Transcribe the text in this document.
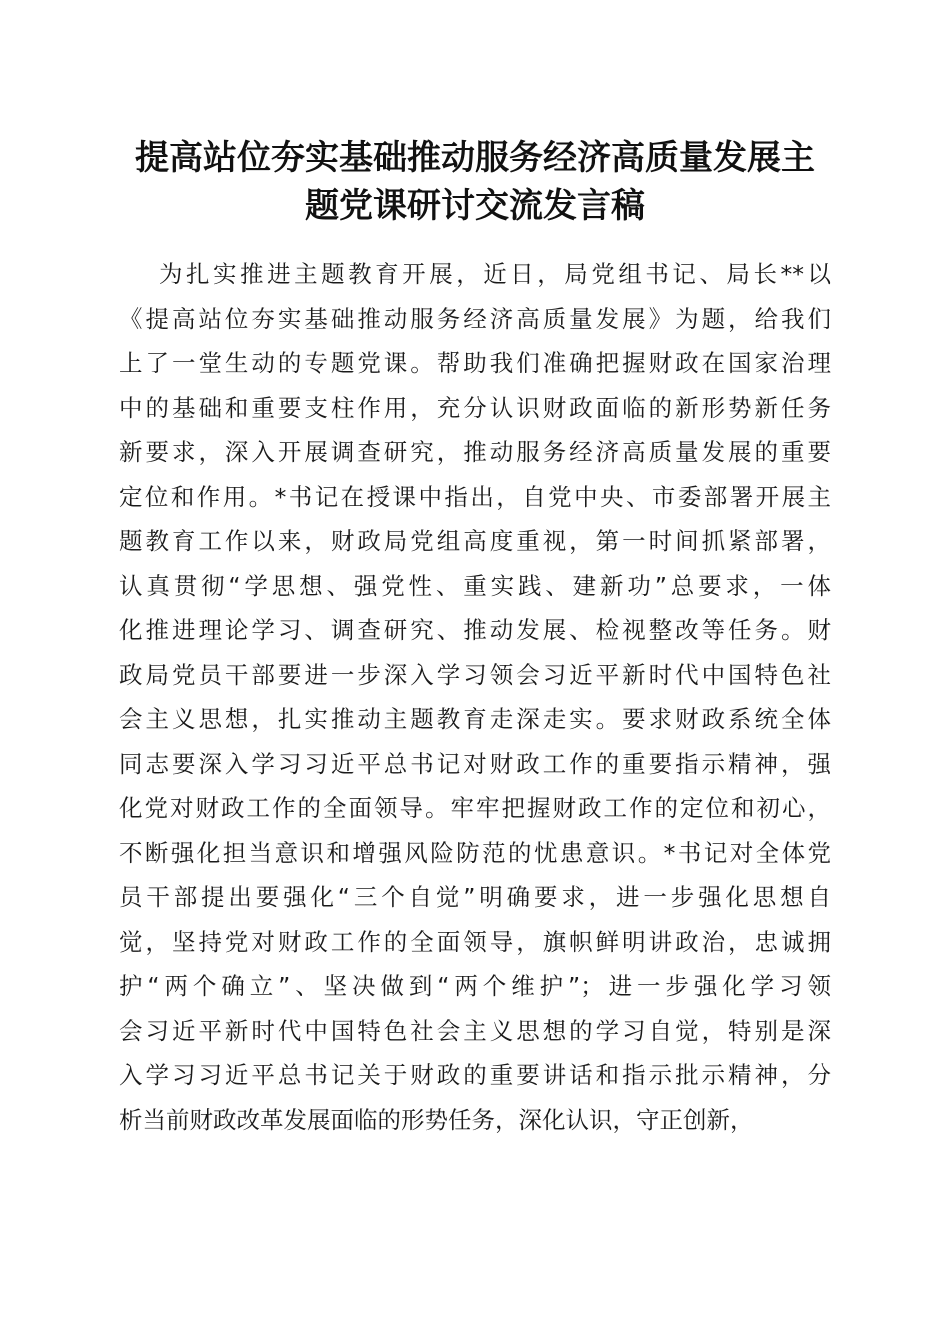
提高站位夯实基础推动服务经济高质量发展主
题党课研讨交流发言稿
为扎实推进主题教育开展，近日，局党组书记、局长**以
《提高站位夯实基础推动服务经济高质量发展》为题，给我们
上了一堂生动的专题党课。帮助我们准确把握财政在国家治理
中的基础和重要支柱作用，充分认识财政面临的新形势新任务
新要求，深入开展调查研究，推动服务经济高质量发展的重要
定位和作用。*书记在授课中指出，自党中央、市委部署开展主
题教育工作以来，财政局党组高度重视，第一时间抓紧部署，
认真贯彻“学思想、强党性、重实践、建新功”总要求，一体
化推进理论学习、调查研究、推动发展、检视整改等任务。财
政局党员干部要进一步深入学习领会习近平新时代中国特色社
会主义思想，扎实推动主题教育走深走实。要求财政系统全体
同志要深入学习习近平总书记对财政工作的重要指示精神，强
化党对财政工作的全面领导。牢牢把握财政工作的定位和初心，
不断强化担当意识和增强风险防范的忧患意识。*书记对全体党
员干部提出要强化“三个自觉”明确要求，进一步强化思想自
觉，坚持党对财政工作的全面领导，旗帜鲜明讲政治，忠诚拥
护“两个确立”、坚决做到“两个维护”；进一步强化学习领
会习近平新时代中国特色社会主义思想的学习自觉，特别是深
入学习习近平总书记关于财政的重要讲话和指示批示精神，分
析当前财政改革发展面临的形势任务，深化认识，守正创新，
